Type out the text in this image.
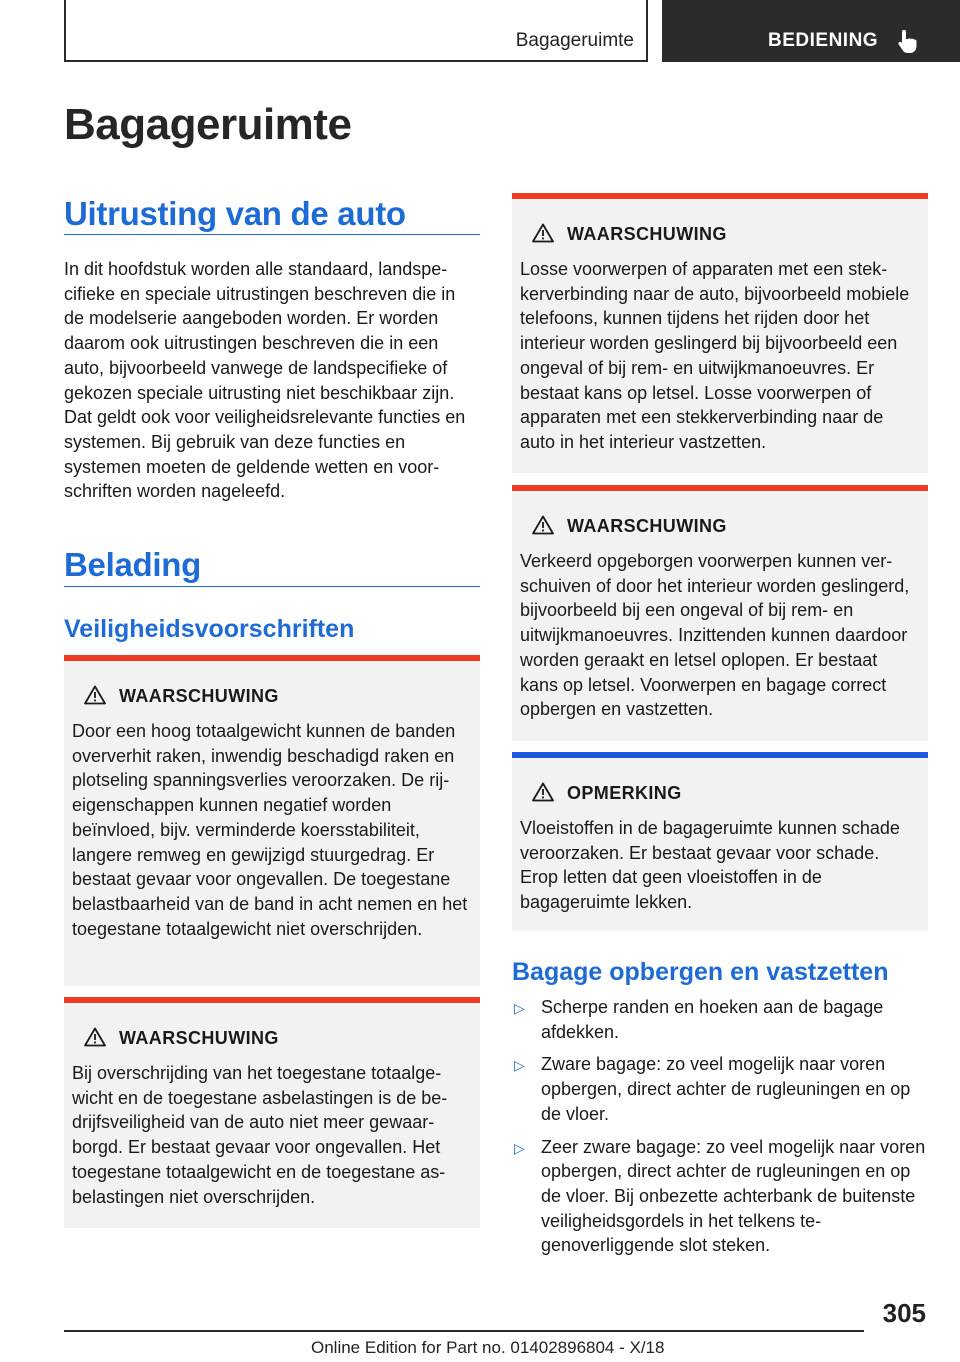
Bagageruimte	BEDIENING
Bagageruimte
Uitrusting van de auto

In dit hoofdstuk worden alle standaard, landspecifieke en speciale uitrustingen beschreven die in de modelserie aangeboden worden. Er worden daarom ook uitrustingen beschreven die in een auto, bijvoorbeeld vanwege de landspecifieke of gekozen speciale uitrusting niet beschikbaar zijn. Dat geldt ook voor veiligheidsrelevante functies en systemen. Bij gebruik van deze functies en systemen moeten de geldende wetten en voorschriften worden nageleefd.

Belading
Veiligheidsvoorschriften
WAARSCHUWING

Door een hoog totaalgewicht kunnen de banden oververhit raken, inwendig beschadigd raken en plotseling spanningsverlies veroorzaken. De rij-eigenschappen kunnen negatief worden beïnvloed, bijv. verminderde koersstabiliteit, langere remweg en gewijzigd stuurgedrag. Er bestaat gevaar voor ongevallen. De toegestane belastbaarheid van de band in acht nemen en het toegestane totaalgewicht niet overschrijden.

WAARSCHUWING

Bij overschrijding van het toegestane totaalgewicht en de toegestane asbelastingen is de bedrijfsveiligheid van de auto niet meer gewaarborgd. Er bestaat gevaar voor ongevallen. Het toegestane totaalgewicht en de toegestane asbelastingen niet overschrijden.

WAARSCHUWING

Losse voorwerpen of apparaten met een stekkerverbinding naar de auto, bijvoorbeeld mobiele telefoons, kunnen tijdens het rijden door het interieur worden geslingerd bij bijvoorbeeld een ongeval of bij rem- en uitwijkmanoeuvres. Er bestaat kans op letsel. Losse voorwerpen of apparaten met een stekkerverbinding naar de auto in het interieur vastzetten.

WAARSCHUWING

Verkeerd opgeborgen voorwerpen kunnen verschuiven of door het interieur worden geslingerd, bijvoorbeeld bij een ongeval of bij rem- en uitwijkmanoeuvres. Inzittenden kunnen daardoor worden geraakt en letsel oplopen. Er bestaat kans op letsel. Voorwerpen en bagage correct opbergen en vastzetten.

OPMERKING

Vloeistoffen in de bagageruimte kunnen schade veroorzaken. Er bestaat gevaar voor schade. Erop letten dat geen vloeistoffen in de bagageruimte lekken.

Bagage opbergen en vastzetten
▷ Scherpe randen en hoeken aan de bagage afdekken.
▷ Zware bagage: zo veel mogelijk naar voren opbergen, direct achter de rugleuningen en op de vloer.
▷ Zeer zware bagage: zo veel mogelijk naar voren opbergen, direct achter de rugleuningen en op de vloer. Bij onbezette achterbank de buitenste veiligheidsgordels in het telkens tegenoverliggende slot steken.
305
Online Edition for Part no. 01402896804 - X/18
